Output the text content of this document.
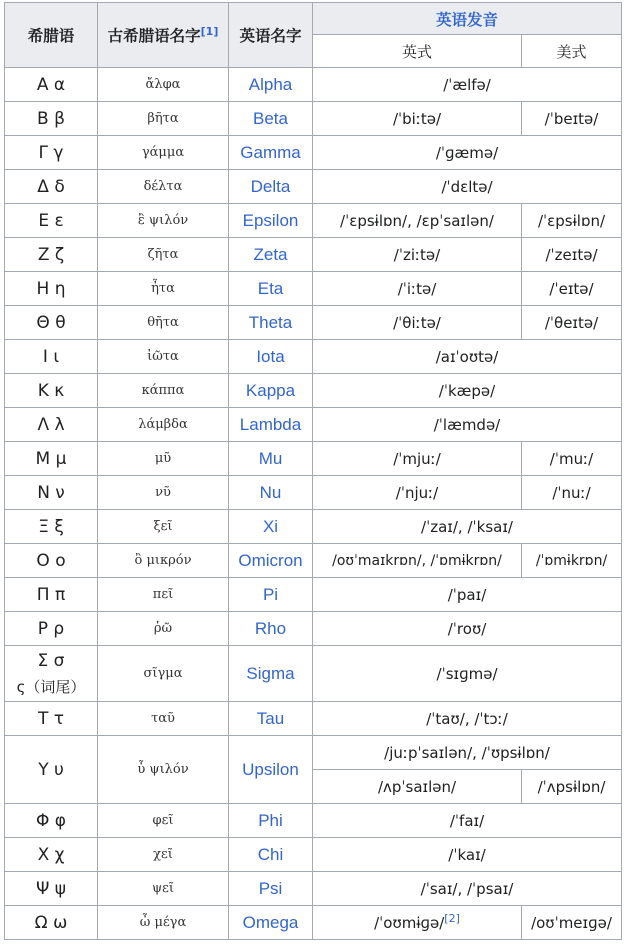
希腊语	古希腊语名字[1]	英语名字	英语发音	
			英式	美式
Α α	ἄλφα	Alpha	/ˈælfə/	
Β β	βῆτα	Beta	/ˈbiːtə/	/ˈbeɪtə/
Γ γ	γάμμα	Gamma	/ˈɡæmə/	
Δ δ	δέλτα	Delta	/ˈdɛltə/	
Ε ε	ἒ ψιλόν	Epsilon	/ˈɛpsɨlɒn/, /ɛpˈsaɪlən/	/ˈɛpsɨlɒn/
Ζ ζ	ζῆτα	Zeta	/ˈziːtə/	/ˈzeɪtə/
Η η	ἦτα	Eta	/ˈiːtə/	/ˈeɪtə/
Θ θ	θῆτα	Theta	/ˈθiːtə/	/ˈθeɪtə/
Ι ι	ἰῶτα	Iota	/aɪˈoʊtə/	
Κ κ	κάππα	Kappa	/ˈkæpə/	
Λ λ	λάμβδα	Lambda	/ˈlæmdə/	
Μ μ	μῦ	Mu	/ˈmjuː/	/ˈmuː/
Ν ν	νῦ	Nu	/ˈnjuː/	/ˈnuː/
Ξ ξ	ξεῖ	Xi	/ˈzaɪ/, /ˈksaɪ/	
Ο ο	ὂ μικρόν	Omicron	/oʊˈmaɪkrɒn/, /ˈɒmɨkrɒn/	/ˈɒmɨkrɒn/
Π π	πεῖ	Pi	/ˈpaɪ/	
Ρ ρ	ῥῶ	Rho	/ˈroʊ/	

Σ σ
ς（词尾）	σῖγμα	Sigma	/ˈsɪɡmə/	
Τ τ	ταῦ	Tau	/ˈtaʊ/, /ˈtɔː/	
Υ υ	ὖ ψιλόν	Upsilon	/juːpˈsaɪlən/, /ˈʊpsɨlɒn/	
			/ʌpˈsaɪlən/	/ˈʌpsɨlɒn/
Φ φ	φεῖ	Phi	/ˈfaɪ/	
Χ χ	χεῖ	Chi	/ˈkaɪ/	
Ψ ψ	ψεῖ	Psi	/ˈsaɪ/, /ˈpsaɪ/	
Ω ω	ὦ μέγα	Omega	/ˈoʊmɨɡə/[2]	/oʊˈmeɪɡə/
